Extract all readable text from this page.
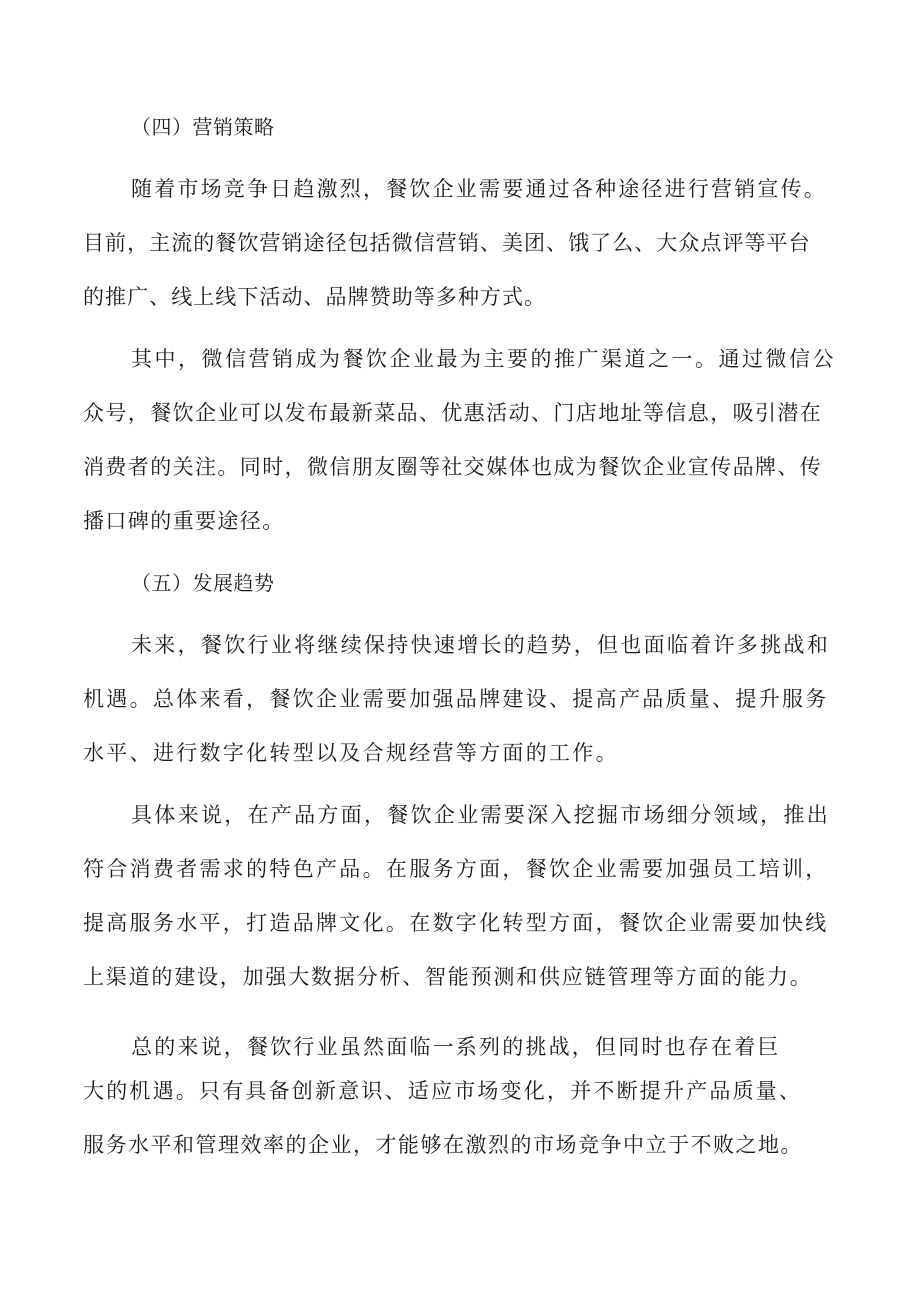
（四）营销策略
随着市场竞争日趋激烈，餐饮企业需要通过各种途径进行营销宣传。
目前，主流的餐饮营销途径包括微信营销、美团、饿了么、大众点评等平台
的推广、线上线下活动、品牌赞助等多种方式。
其中，微信营销成为餐饮企业最为主要的推广渠道之一。通过微信公
众号，餐饮企业可以发布最新菜品、优惠活动、门店地址等信息，吸引潜在
消费者的关注。同时，微信朋友圈等社交媒体也成为餐饮企业宣传品牌、传
播口碑的重要途径。
（五）发展趋势
未来，餐饮行业将继续保持快速增长的趋势，但也面临着许多挑战和
机遇。总体来看，餐饮企业需要加强品牌建设、提高产品质量、提升服务
水平、进行数字化转型以及合规经营等方面的工作。
具体来说，在产品方面，餐饮企业需要深入挖掘市场细分领域，推出
符合消费者需求的特色产品。在服务方面，餐饮企业需要加强员工培训，
提高服务水平，打造品牌文化。在数字化转型方面，餐饮企业需要加快线
上渠道的建设，加强大数据分析、智能预测和供应链管理等方面的能力。
总的来说，餐饮行业虽然面临一系列的挑战，但同时也存在着巨
大的机遇。只有具备创新意识、适应市场变化，并不断提升产品质量、
服务水平和管理效率的企业，才能够在激烈的市场竞争中立于不败之地。
